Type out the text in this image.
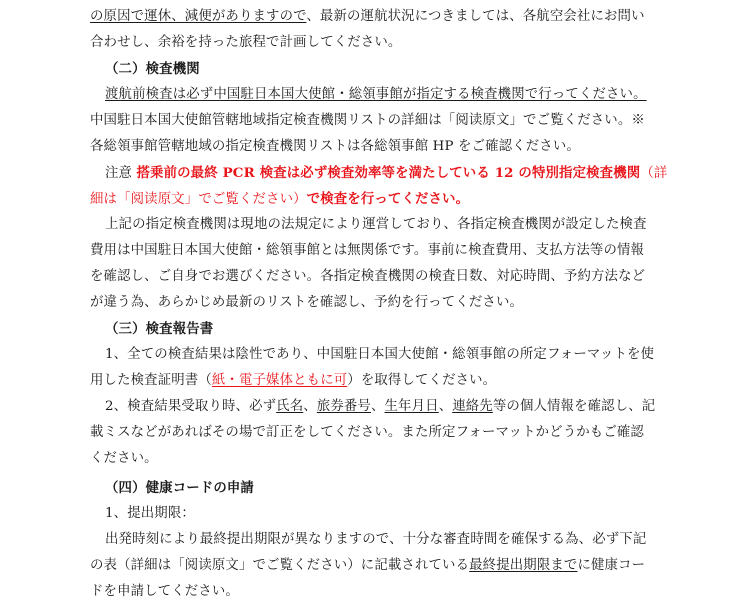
の原因で運休、減便がありますので、最新の運航状況につきましては、各航空会社にお問い
合わせし、余裕を持った旅程で計画してください。
（二）検査機関
渡航前検査は必ず中国駐日本国大使館・総領事館が指定する検査機関で行ってください。
中国駐日本国大使館管轄地域指定検査機関リストの詳細は「阅读原文」でご覧ください。※
各総領事館管轄地域の指定検査機関リストは各総領事館 HP をご確認ください。
注意 搭乗前の最終 PCR 検査は必ず検査効率等を満たしている 12 の特別指定検査機関（詳
細は「阅读原文」でご覧ください）で検査を行ってください。
上記の指定検査機関は現地の法規定により運営しており、各指定検査機関が設定した検査
費用は中国駐日本国大使館・総領事館とは無関係です。事前に検査費用、支払方法等の情報
を確認し、ご自身でお選びください。各指定検査機関の検査日数、対応時間、予約方法など
が違う為、あらかじめ最新のリストを確認し、予約を行ってください。
（三）検査報告書
1、全ての検査結果は陰性であり、中国駐日本国大使館・総領事館の所定フォーマットを使
用した検査証明書（紙・電子媒体ともに可）を取得してください。
2、検査結果受取り時、必ず氏名、旅券番号、生年月日、連絡先等の個人情報を確認し、記
載ミスなどがあればその場で訂正をしてください。また所定フォーマットかどうかもご確認
ください。
（四）健康コードの申請
1、提出期限：
出発時刻により最終提出期限が異なりますので、十分な審査時間を確保する為、必ず下記
の表（詳細は「阅读原文」でご覧ください）に記載されている最終提出期限までに健康コー
ドを申請してください。
